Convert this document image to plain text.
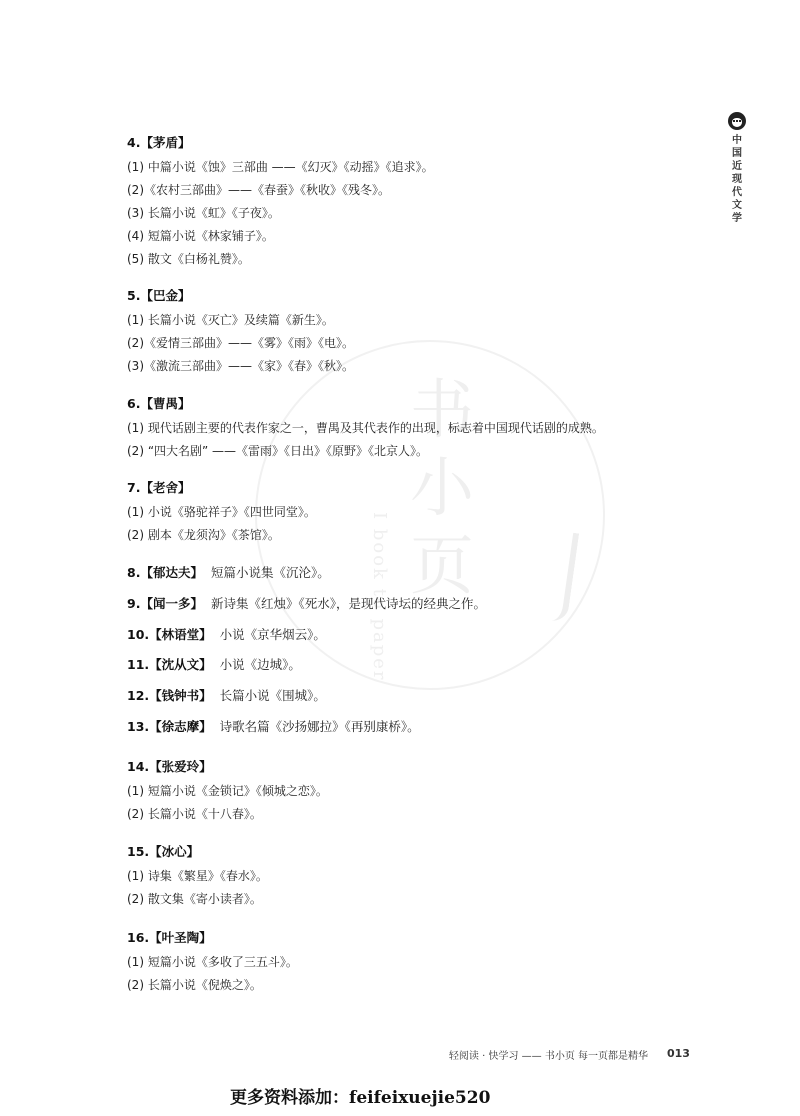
书小页
I book to paper
中国近现代文学
4.【茅盾】
(1) 中篇小说《蚀》三部曲 ——《幻灭》《动摇》《追求》。
(2)《农村三部曲》——《春蚕》《秋收》《残冬》。
(3) 长篇小说《虹》《子夜》。
(4) 短篇小说《林家铺子》。
(5) 散文《白杨礼赞》。
5.【巴金】
(1) 长篇小说《灭亡》及续篇《新生》。
(2)《爱情三部曲》——《雾》《雨》《电》。
(3)《激流三部曲》——《家》《春》《秋》。
6.【曹禺】
(1) 现代话剧主要的代表作家之一，曹禺及其代表作的出现，标志着中国现代话剧的成熟。
(2) “四大名剧” ——《雷雨》《日出》《原野》《北京人》。
7.【老舍】
(1) 小说《骆驼祥子》《四世同堂》。
(2) 剧本《龙须沟》《茶馆》。
8.【郁达夫】 短篇小说集《沉沦》。
9.【闻一多】 新诗集《红烛》《死水》，是现代诗坛的经典之作。
10.【林语堂】 小说《京华烟云》。
11.【沈从文】 小说《边城》。
12.【钱钟书】 长篇小说《围城》。
13.【徐志摩】 诗歌名篇《沙扬娜拉》《再别康桥》。
14.【张爱玲】
(1) 短篇小说《金锁记》《倾城之恋》。
(2) 长篇小说《十八春》。
15.【冰心】
(1) 诗集《繁星》《春水》。
(2) 散文集《寄小读者》。
16.【叶圣陶】
(1) 短篇小说《多收了三五斗》。
(2) 长篇小说《倪焕之》。
轻阅读 · 快学习 —— 书小页 每一页都是精华 013
更多资料添加：feifeixuejie520
